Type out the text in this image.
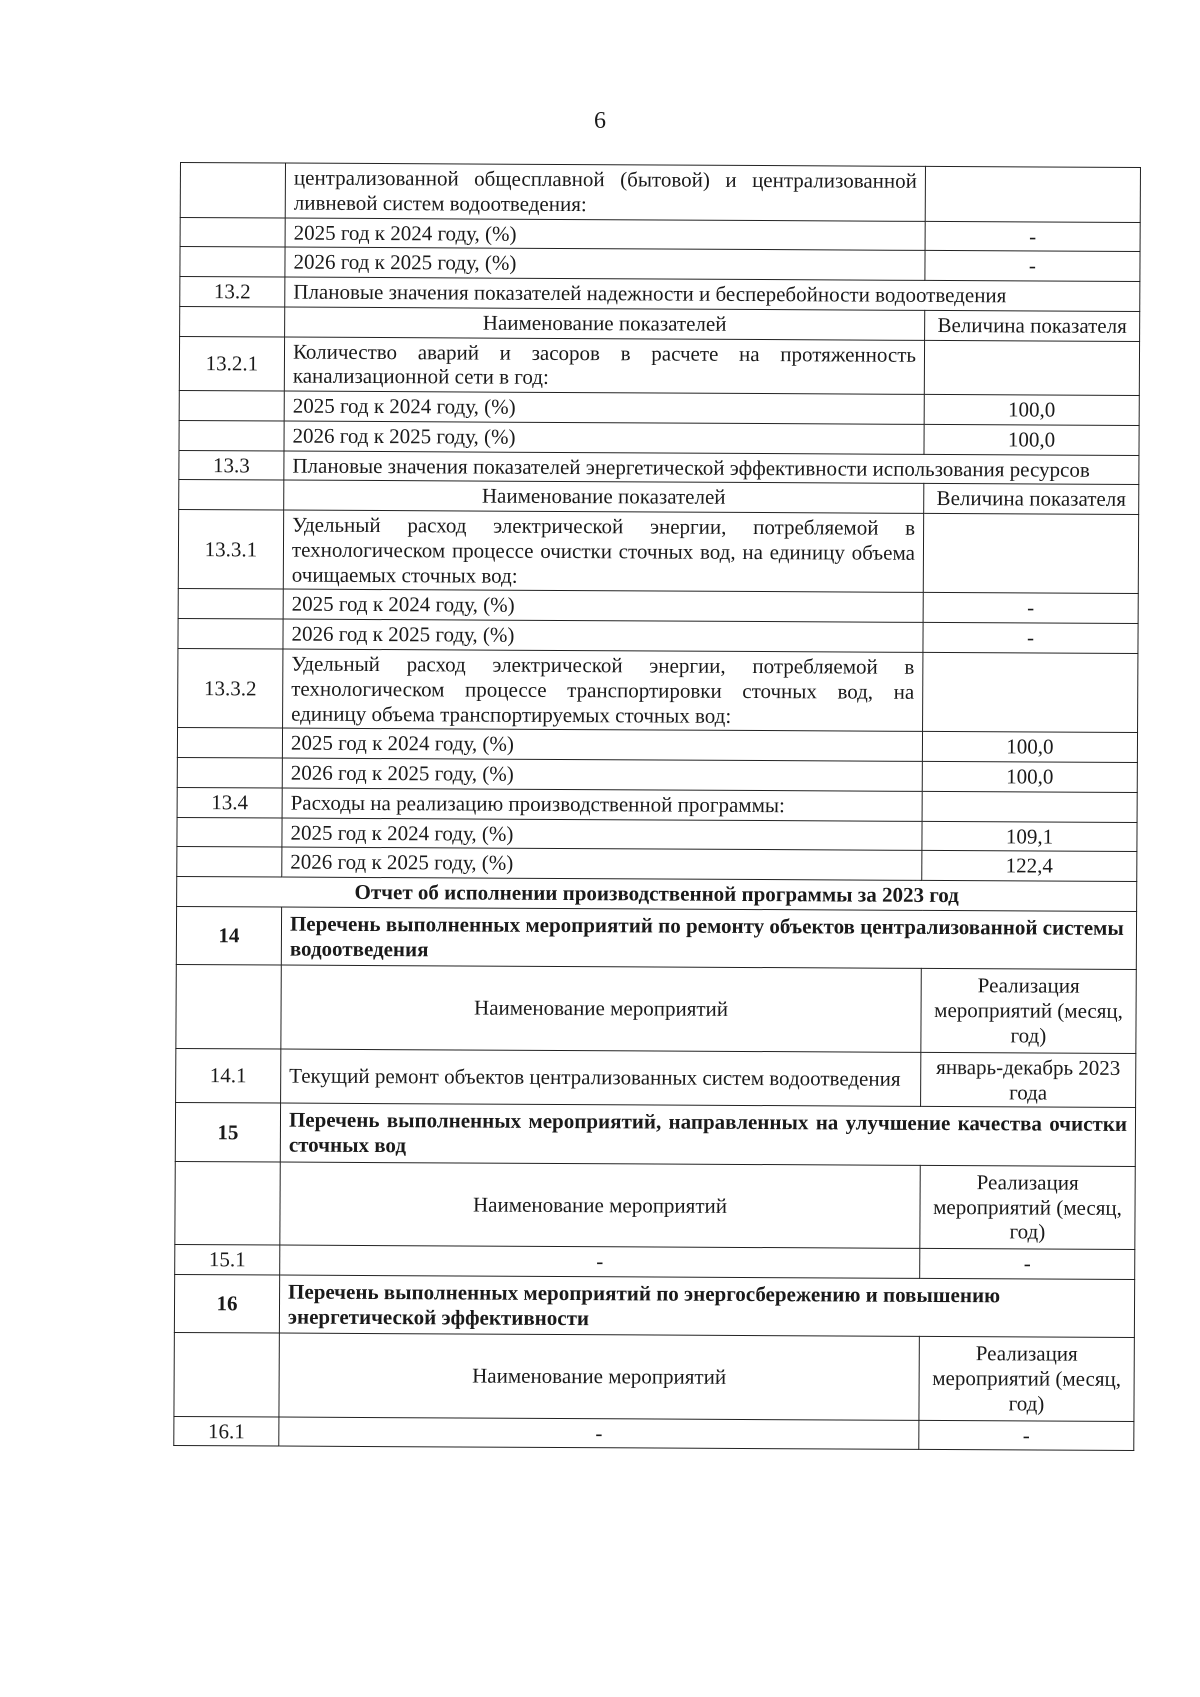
6
	централизованной общесплавной (бытовой) и централизованной ливневой систем водоотведения:	
	2025 год к 2024 году, (%)	-
	2026 год к 2025 году, (%)	-
13.2	Плановые значения показателей надежности и бесперебойности водоотведения	
	Наименование показателей	Величина показателя
13.2.1	Количество аварий и засоров в расчете на протяженность канализационной сети в год:	
	2025 год к 2024 году, (%)	100,0
	2026 год к 2025 году, (%)	100,0
13.3	Плановые значения показателей энергетической эффективности использования ресурсов	
	Наименование показателей	Величина показателя
13.3.1	Удельный расход электрической энергии, потребляемой в технологическом процессе очистки сточных вод, на единицу объема очищаемых сточных вод:	
	2025 год к 2024 году, (%)	-
	2026 год к 2025 году, (%)	-
13.3.2	Удельный расход электрической энергии, потребляемой в технологическом процессе транспортировки сточных вод, на единицу объема транспортируемых сточных вод:	
	2025 год к 2024 году, (%)	100,0
	2026 год к 2025 году, (%)	100,0
13.4	Расходы на реализацию производственной программы:	
	2025 год к 2024 году, (%)	109,1
	2026 год к 2025 году, (%)	122,4
Отчет об исполнении производственной программы за 2023 год		
14	Перечень выполненных мероприятий по ремонту объектов централизованной системы водоотведения	
	Наименование мероприятий	Реализация мероприятий (месяц, год)
14.1	Текущий ремонт объектов централизованных систем водоотведения	январь-декабрь 2023 года
15	Перечень выполненных мероприятий, направленных на улучшение качества очистки сточных вод	
	Наименование мероприятий	Реализация мероприятий (месяц, год)
15.1	-	-
16	Перечень выполненных мероприятий по энергосбережению и повышению энергетической эффективности	
	Наименование мероприятий	Реализация мероприятий (месяц, год)
16.1	-	-
